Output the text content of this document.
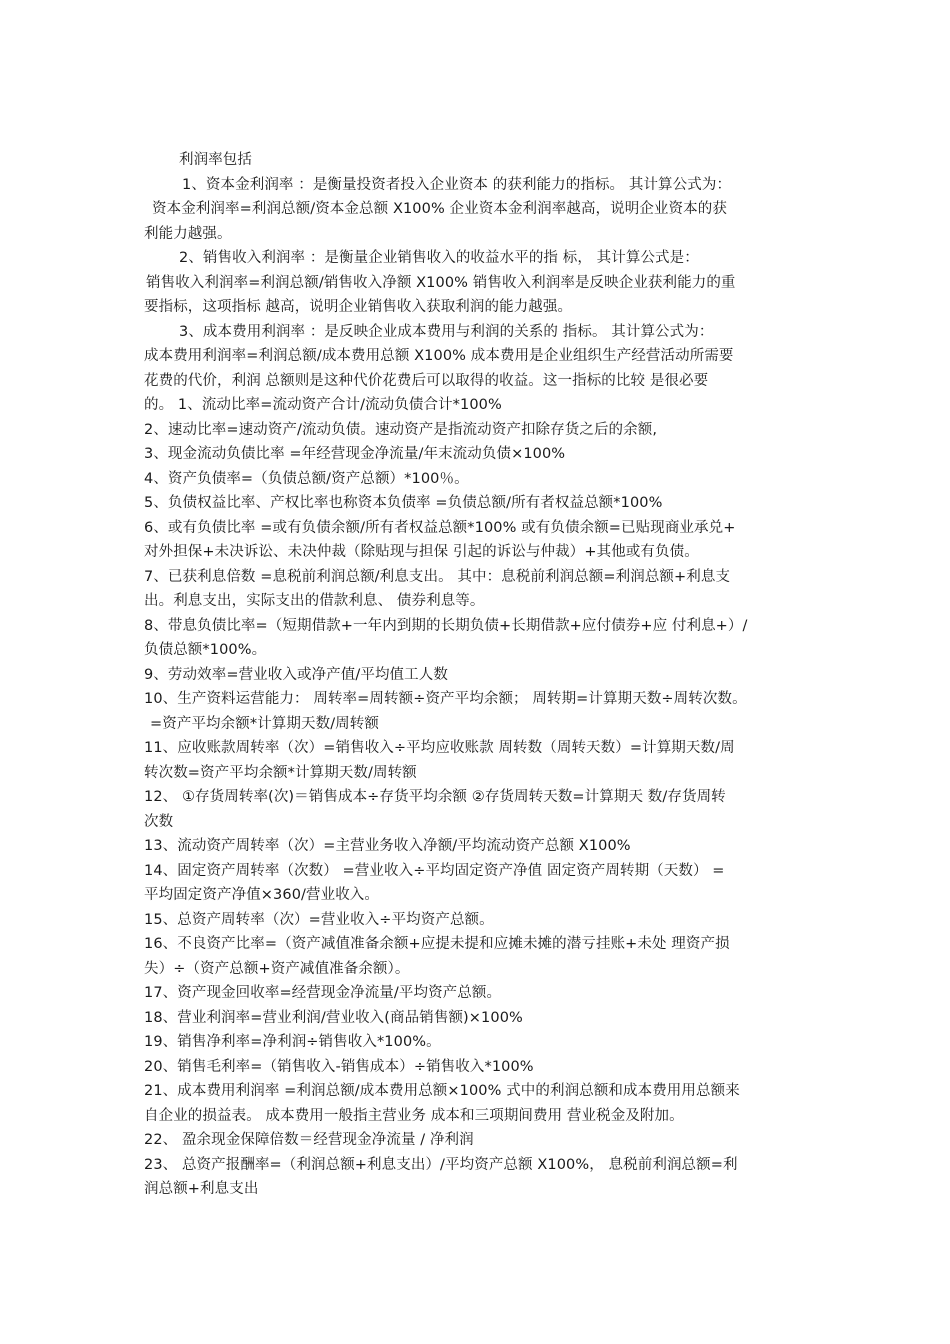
利润率包括
1、资本金利润率 ：是衡量投资者投入企业资本 的获利能力的指标。 其计算公式为：
资本金利润率=利润总额/资本金总额 X100% 企业资本金利润率越高，说明企业资本的获
利能力越强。
2、销售收入利润率 ：是衡量企业销售收入的收益水平的指 标， 其计算公式是：
销售收入利润率=利润总额/销售收入净额 X100% 销售收入利润率是反映企业获利能力的重
要指标，这项指标 越高，说明企业销售收入获取利润的能力越强。
3、成本费用利润率 ：是反映企业成本费用与利润的关系的 指标。 其计算公式为：
成本费用利润率=利润总额/成本费用总额 X100% 成本费用是企业组织生产经营活动所需要
花费的代价，利润 总额则是这种代价花费后可以取得的收益。这一指标的比较 是很必要
的。 1、流动比率=流动资产合计/流动负债合计*100%
2、速动比率=速动资产/流动负债。速动资产是指流动资产扣除存货之后的余额,
3、现金流动负债比率 =年经营现金净流量/年末流动负债×100%
4、资产负债率=（负债总额/资产总额）*100％。
5、负债权益比率、产权比率也称资本负债率 =负债总额/所有者权益总额*100%
6、或有负债比率 =或有负债余额/所有者权益总额*100% 或有负债余额=已贴现商业承兑+
对外担保+未决诉讼、未决仲裁（除贴现与担保 引起的诉讼与仲裁）+其他或有负债。
7、已获利息倍数 =息税前利润总额/利息支出。 其中：息税前利润总额=利润总额+利息支
出。利息支出，实际支出的借款利息、 债券利息等。
8、带息负债比率=（短期借款+一年内到期的长期负债+长期借款+应付债券+应 付利息+）/
负债总额*100%。
9、劳动效率=营业收入或净产值/平均值工人数
10、生产资料运营能力： 周转率=周转额÷资产平均余额； 周转期=计算期天数÷周转次数。
=资产平均余额*计算期天数/周转额
11、应收账款周转率（次）=销售收入÷平均应收账款 周转数（周转天数）=计算期天数/周
转次数=资产平均余额*计算期天数/周转额
12、 ①存货周转率(次)＝销售成本÷存货平均余额 ②存货周转天数=计算期天 数/存货周转
次数
13、流动资产周转率（次）=主营业务收入净额/平均流动资产总额 X100%
14、固定资产周转率（次数） =营业收入÷平均固定资产净值 固定资产周转期（天数） =
平均固定资产净值×360/营业收入。
15、总资产周转率（次）=营业收入÷平均资产总额。
16、不良资产比率=（资产减值准备余额+应提未提和应摊未摊的潜亏挂账+未处 理资产损
失）÷（资产总额+资产减值准备余额）。
17、资产现金回收率=经营现金净流量/平均资产总额。
18、营业利润率=营业利润/营业收入(商品销售额)×100%
19、销售净利率=净利润÷销售收入*100%。
20、销售毛利率=（销售收入-销售成本）÷销售收入*100%
21、成本费用利润率 =利润总额/成本费用总额×100% 式中的利润总额和成本费用用总额来
自企业的损益表。 成本费用一般指主营业务 成本和三项期间费用 营业税金及附加。
22、 盈余现金保障倍数＝经营现金净流量 / 净利润
23、 总资产报酬率=（利润总额+利息支出）/平均资产总额 X100%， 息税前利润总额=利
润总额+利息支出
